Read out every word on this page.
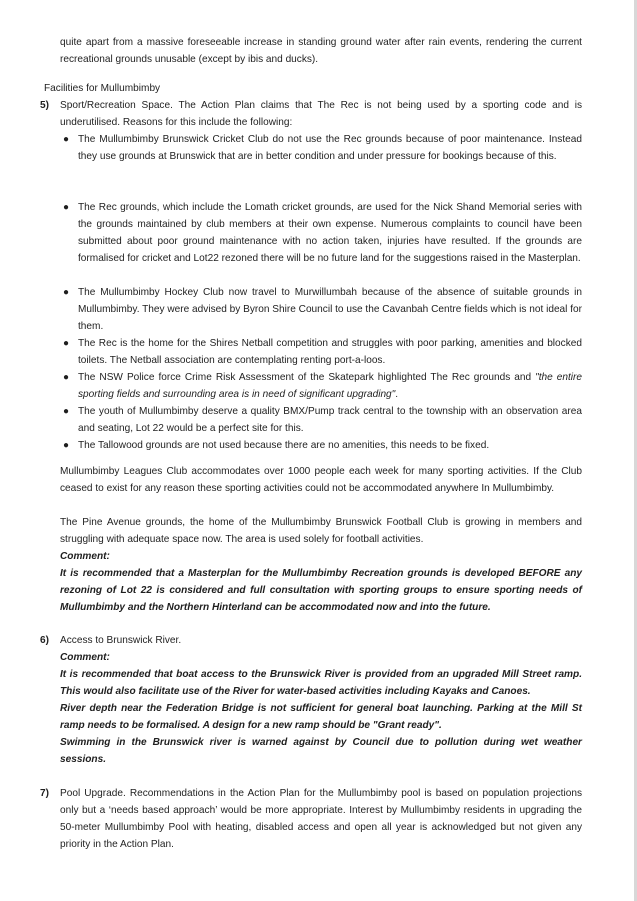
quite apart from a massive foreseeable increase in standing ground water after rain events, rendering the current recreational grounds unusable (except by ibis and ducks).

Facilities for Mullumbimby

5) Sport/Recreation Space. The Action Plan claims that The Rec is not being used by a sporting code and is underutilised. Reasons for this include the following:

● The Mullumbimby Brunswick Cricket Club do not use the Rec grounds because of poor maintenance. Instead they use grounds at Brunswick that are in better condition and under pressure for bookings because of this.

● The Rec grounds, which include the Lomath cricket grounds, are used for the Nick Shand Memorial series with the grounds maintained by club members at their own expense. Numerous complaints to council have been submitted about poor ground maintenance with no action taken, injuries have resulted. If the grounds are formalised for cricket and Lot22 rezoned there will be no future land for the suggestions raised in the Masterplan.

● The Mullumbimby Hockey Club now travel to Murwillumbah because of the absence of suitable grounds in Mullumbimby. They were advised by Byron Shire Council to use the Cavanbah Centre fields which is not ideal for them.

● The Rec is the home for the Shires Netball competition and struggles with poor parking, amenities and blocked toilets. The Netball association are contemplating renting port-a-loos.

● The NSW Police force Crime Risk Assessment of the Skatepark highlighted The Rec grounds and "the entire sporting fields and surrounding area is in need of significant upgrading".

● The youth of Mullumbimby deserve a quality BMX/Pump track central to the township with an observation area and seating, Lot 22 would be a perfect site for this.

● The Tallowood grounds are not used because there are no amenities, this needs to be fixed.

Mullumbimby Leagues Club accommodates over 1000 people each week for many sporting activities. If the Club ceased to exist for any reason these sporting activities could not be accommodated anywhere In Mullumbimby.

The Pine Avenue grounds, the home of the Mullumbimby Brunswick Football Club is growing in members and struggling with adequate space now. The area is used solely for football activities.

Comment:

It is recommended that a Masterplan for the Mullumbimby Recreation grounds is developed BEFORE any rezoning of Lot 22 is considered and full consultation with sporting groups to ensure sporting needs of Mullumbimby and the Northern Hinterland can be accommodated now and into the future.

6) Access to Brunswick River.

Comment:

It is recommended that boat access to the Brunswick River is provided from an upgraded Mill Street ramp. This would also facilitate use of the River for water-based activities including Kayaks and Canoes.

River depth near the Federation Bridge is not sufficient for general boat launching. Parking at the Mill St ramp needs to be formalised. A design for a new ramp should be "Grant ready".

Swimming in the Brunswick river is warned against by Council due to pollution during wet weather sessions.

7) Pool Upgrade. Recommendations in the Action Plan for the Mullumbimby pool is based on population projections only but a ‘needs based approach’ would be more appropriate. Interest by Mullumbimby residents in upgrading the 50-meter Mullumbimby Pool with heating, disabled access and open all year is acknowledged but not given any priority in the Action Plan.
